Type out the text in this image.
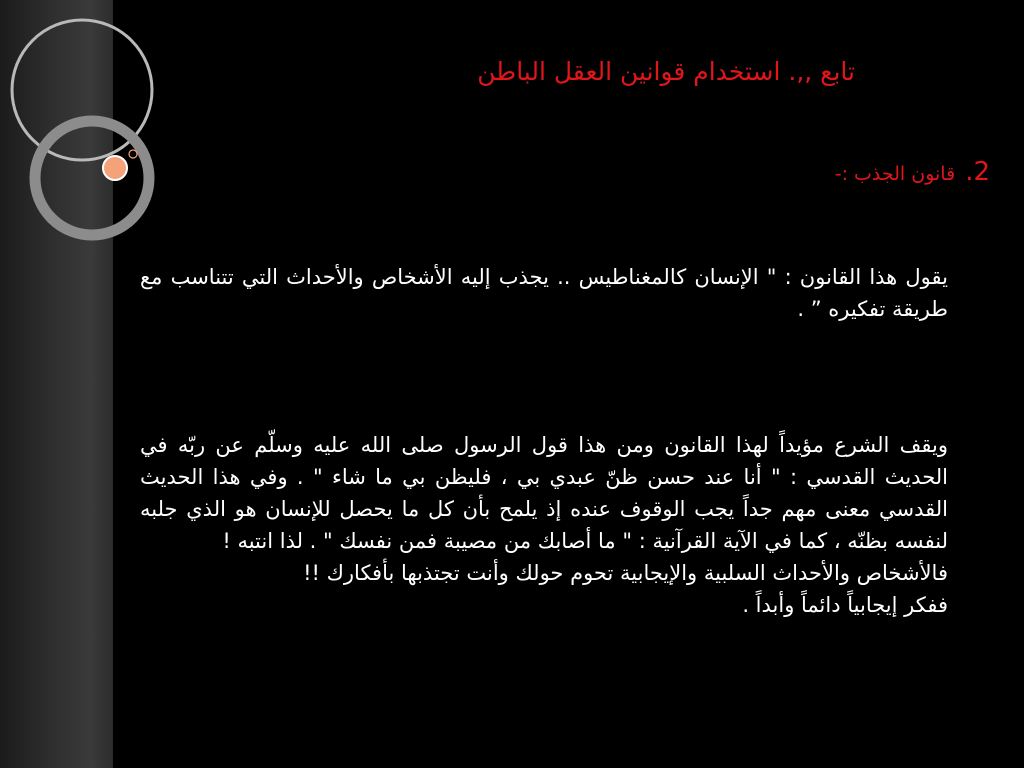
تابع ,,. استخدام قوانين العقل الباطن
2.قانون الجذب :-
يقول هذا القانون : " الإنسان كالمغناطيس .. يجذب إليه الأشخاص والأحداث التي تتناسب مع طريقة تفكيره ” .
ويقف الشرع مؤيداً لهذا القانون ومن هذا قول الرسول صلى الله عليه وسلّم عن ربّه في الحديث القدسي : " أنا عند حسن ظنّ عبدي بي ، فليظن بي ما شاء " . وفي هذا الحديث القدسي معنى مهم جداً يجب الوقوف عنده إذ يلمح بأن كل ما يحصل للإنسان هو الذي جلبه لنفسه بظنّه ، كما في الآية القرآنية : " ما أصابك من مصيبة فمن نفسك " . لذا انتبه !
فالأشخاص والأحداث السلبية والإيجابية تحوم حولك وأنت تجتذبها بأفكارك !!
ففكر إيجابياً دائماً وأبداً .
